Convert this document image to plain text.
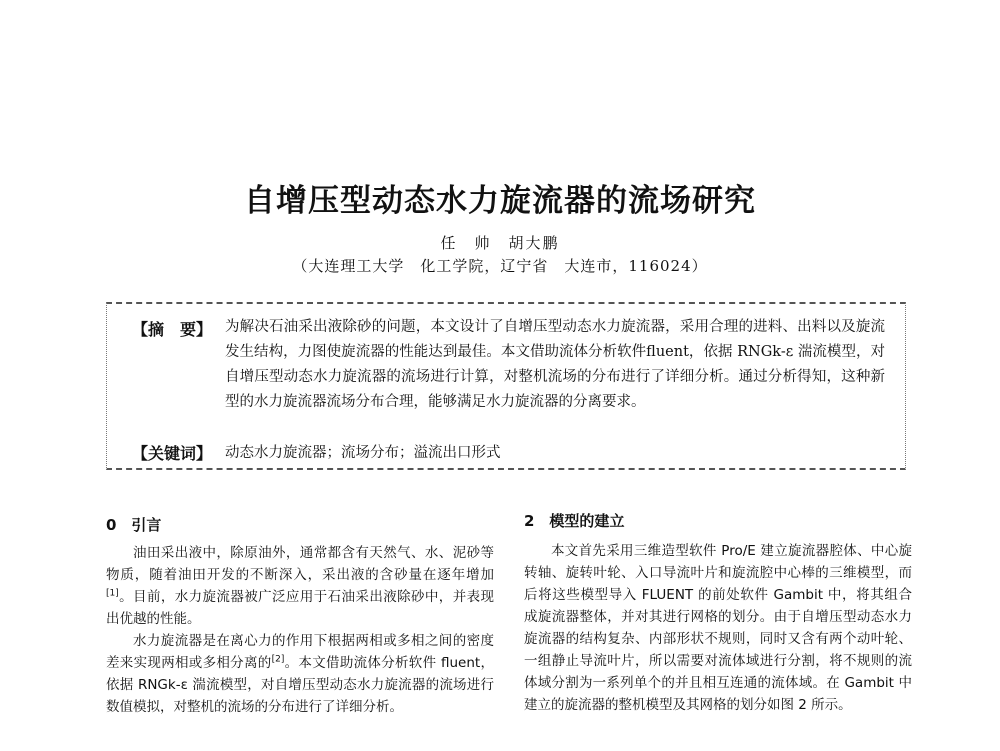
自增压型动态水力旋流器的流场研究
任　帅　胡大鹏
（大连理工大学　化工学院，辽宁省　大连市，116024）
【摘　要】 为解决石油采出液除砂的问题，本文设计了自增压型动态水力旋流器，采用合理的进料、出料以及旋流发生结构，力图使旋流器的性能达到最佳。本文借助流体分析软件fluent，依据 RNGk-ε 湍流模型，对自增压型动态水力旋流器的流场进行计算，对整机流场的分布进行了详细分析。通过分析得知，这种新型的水力旋流器流场分布合理，能够满足水力旋流器的分离要求。
【关键词】 动态水力旋流器；流场分布；溢流出口形式
0　引言

油田采出液中，除原油外，通常都含有天然气、水、泥砂等物质，随着油田开发的不断深入，采出液的含砂量在逐年增加[1]。目前，水力旋流器被广泛应用于石油采出液除砂中，并表现出优越的性能。

水力旋流器是在离心力的作用下根据两相或多相之间的密度差来实现两相或多相分离的[2]。本文借助流体分析软件 fluent，依据 RNGk-ε 湍流模型，对自增压型动态水力旋流器的流场进行数值模拟，对整机的流场的分布进行了详细分析。

2　模型的建立

本文首先采用三维造型软件 Pro/E 建立旋流器腔体、中心旋转轴、旋转叶轮、入口导流叶片和旋流腔中心棒的三维模型，而后将这些模型导入 FLUENT 的前处软件 Gambit 中，将其组合成旋流器整体，并对其进行网格的划分。由于自增压型动态水力旋流器的结构复杂、内部形状不规则，同时又含有两个动叶轮、一组静止导流叶片，所以需要对流体域进行分割，将不规则的流体域分割为一系列单个的并且相互连通的流体域。在 Gambit 中建立的旋流器的整机模型及其网格的划分如图 2 所示。
